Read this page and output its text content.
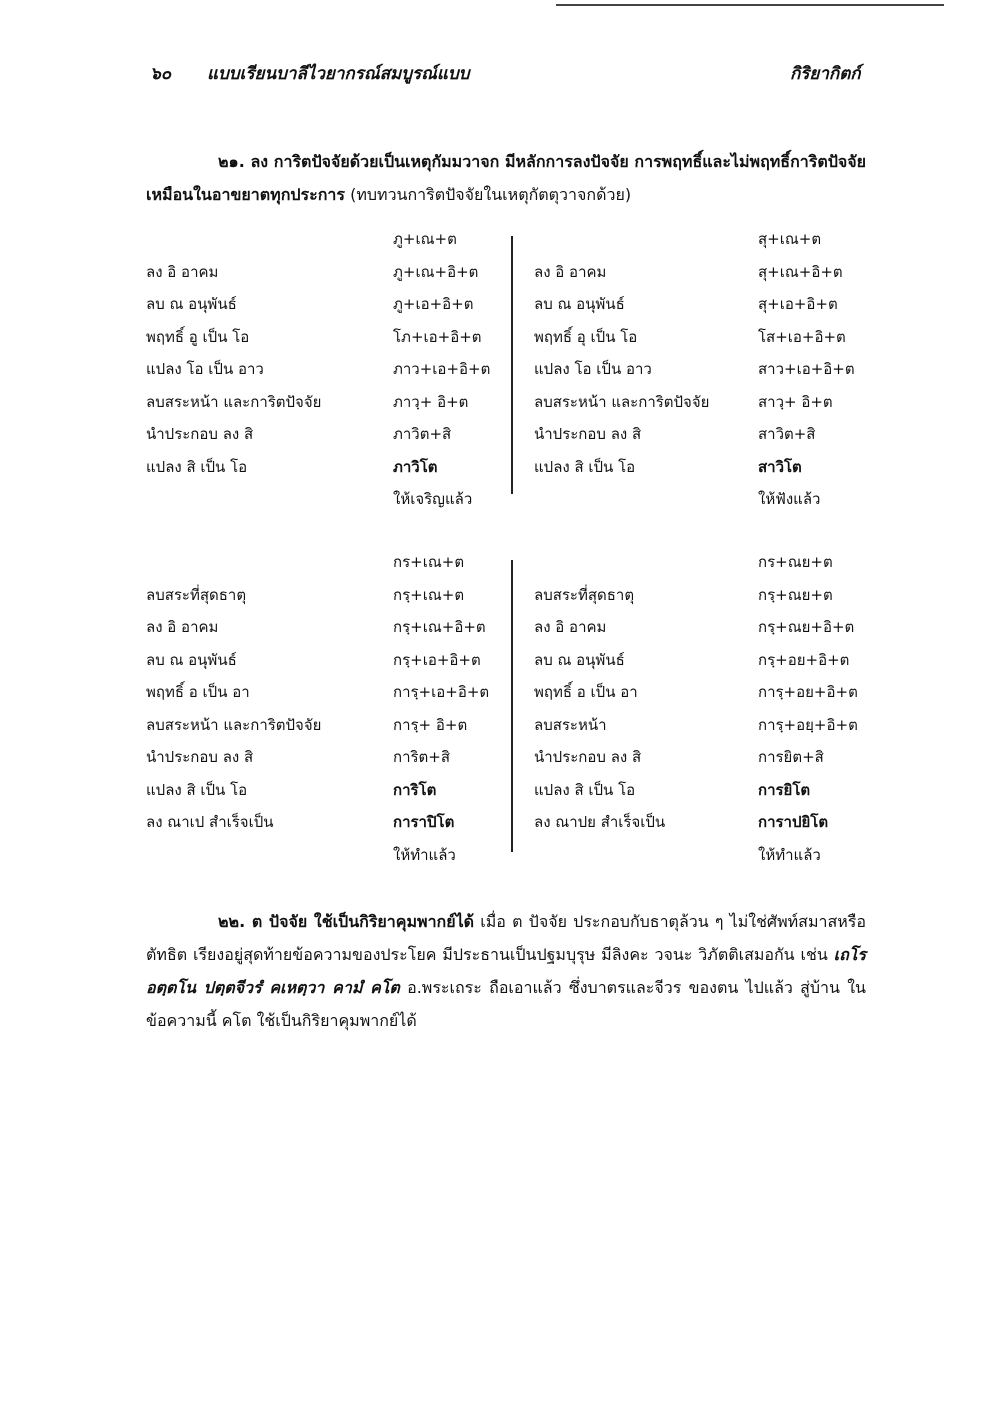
๖๐ แบบเรียนบาลีไวยากรณ์สมบูรณ์แบบ	กิริยากิตก์
๒๑. ลง การิตปัจจัยด้วยเป็นเหตุกัมมวาจก มีหลักการลงปัจจัย การพฤทธิ์และไม่พฤทธิ์การิตปัจจัยเหมือนในอาขยาตทุกประการ (ทบทวนการิตปัจจัยในเหตุกัตตุวาจกด้วย)
ภู+เณ+ต
ลง อิ อาคม
ลบ ณ อนุพันธ์
พฤทธิ์ อู เป็น โอ
แปลง โอ เป็น อาว
ลบสระหน้า และการิตปัจจัย
นำประกอบ ลง สิ
แปลง สิ เป็น โอ
ภู+เณ+อิ+ต
ภู+เอ+อิ+ต
โภ+เอ+อิ+ต
ภาว+เอ+อิ+ต
ภาวฺ+ อิ+ต
ภาวิต+สิ
ภาวิโต
ให้เจริญแล้ว
สุ+เณ+ต
ลง อิ อาคม
ลบ ณ อนุพันธ์
พฤทธิ์ อุ เป็น โอ
แปลง โอ เป็น อาว
ลบสระหน้า และการิตปัจจัย
นำประกอบ ลง สิ
แปลง สิ เป็น โอ
สุ+เณ+อิ+ต
สุ+เอ+อิ+ต
โส+เอ+อิ+ต
สาว+เอ+อิ+ต
สาวฺ+ อิ+ต
สาวิต+สิ
สาวิโต
ให้ฟังแล้ว
กร+เณ+ต
ลบสระที่สุดธาตุ
ลง อิ อาคม
ลบ ณ อนุพันธ์
พฤทธิ์ อ เป็น อา
ลบสระหน้า และการิตปัจจัย
นำประกอบ ลง สิ
แปลง สิ เป็น โอ
ลง ณาเป สำเร็จเป็น
กรฺ+เณ+ต
กรฺ+เณ+อิ+ต
กรฺ+เอ+อิ+ต
การฺ+เอ+อิ+ต
การฺ+ อิ+ต
การิต+สิ
การิโต
การาปิโต
ให้ทำแล้ว
กร+ณย+ต
ลบสระที่สุดธาตุ
ลง อิ อาคม
ลบ ณ อนุพันธ์
พฤทธิ์ อ เป็น อา
ลบสระหน้า
นำประกอบ ลง สิ
แปลง สิ เป็น โอ
ลง ณาปย สำเร็จเป็น
กรฺ+ณย+ต
กรฺ+ณย+อิ+ต
กรฺ+อย+อิ+ต
การฺ+อย+อิ+ต
การฺ+อยฺ+อิ+ต
การยิต+สิ
การยิโต
การาปยิโต
ให้ทำแล้ว
๒๒. ต ปัจจัย ใช้เป็นกิริยาคุมพากย์ได้ เมื่อ ต ปัจจัย ประกอบกับธาตุล้วน ๆ ไม่ใช่ศัพท์สมาสหรือตัทธิต เรียงอยู่สุดท้ายข้อความของประโยค มีประธานเป็นปฐมบุรุษ มีลิงคะ วจนะ วิภัตติเสมอกัน เช่น เถโร อตฺตโน ปตฺตจีวรํ คเหตฺวา คามํ คโต อ.พระเถระ ถือเอาแล้ว ซึ่งบาตรและจีวร ของตน ไปแล้ว สู่บ้าน ในข้อความนี้ คโต ใช้เป็นกิริยาคุมพากย์ได้
